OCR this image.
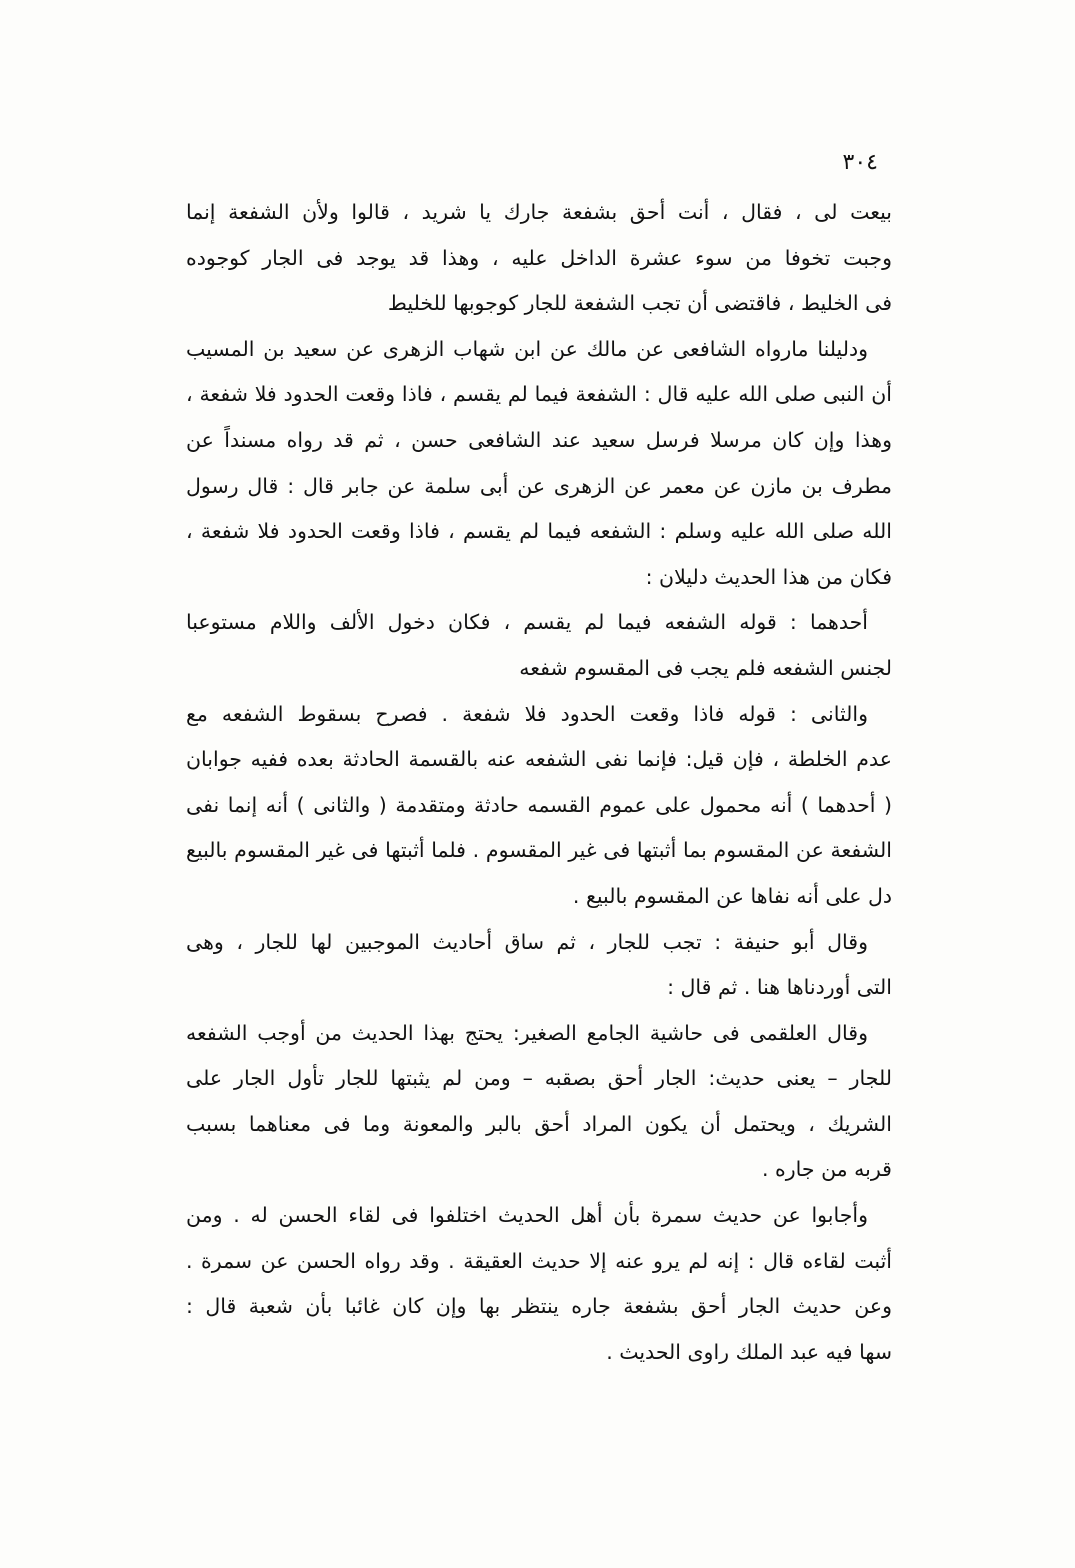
٣٠٤
بيعت لى ، فقال ، أنت أحق بشفعة جارك يا شريد ، قالوا ولأن الشفعة إنما
وجبت تخوفا من سوء عشرة الداخل عليه ، وهذا قد يوجد فى الجار كوجوده
فى الخليط ، فاقتضى أن تجب الشفعة للجار كوجوبها للخليط
ودليلنا مارواه الشافعى عن مالك عن ابن شهاب الزهرى عن سعيد بن المسيب
أن النبى صلى الله عليه قال : الشفعة فيما لم يقسم ، فاذا وقعت الحدود فلا شفعة ،
وهذا وإن كان مرسلا فرسل سعيد عند الشافعى حسن ، ثم قد رواه مسنداً عن
مطرف بن مازن عن معمر عن الزهرى عن أبى سلمة عن جابر قال : قال رسول
الله صلى الله عليه وسلم : الشفعه فيما لم يقسم ، فاذا وقعت الحدود فلا شفعة ،
فكان من هذا الحديث دليلان :
أحدهما : قوله الشفعه فيما لم يقسم ، فكان دخول الألف واللام مستوعبا
لجنس الشفعه فلم يجب فى المقسوم شفعه
والثانى : قوله فاذا وقعت الحدود فلا شفعة . فصرح بسقوط الشفعه مع
عدم الخلطة ، فإن قيل: فإنما نفى الشفعه عنه بالقسمة الحادثة بعده ففيه جوابان
( أحدهما ) أنه محمول على عموم القسمه حادثة ومتقدمة ( والثانى ) أنه إنما نفى
الشفعة عن المقسوم بما أثبتها فى غير المقسوم . فلما أثبتها فى غير المقسوم بالبيع
دل على أنه نفاها عن المقسوم بالبيع .
وقال أبو حنيفة : تجب للجار ، ثم ساق أحاديث الموجبين لها للجار ، وهى
التى أوردناها هنا . ثم قال :
وقال العلقمى فى حاشية الجامع الصغير: يحتج بهذا الحديث من أوجب الشفعه
للجار – يعنى حديث: الجار أحق بصقبه – ومن لم يثبتها للجار تأول الجار على
الشريك ، ويحتمل أن يكون المراد أحق بالبر والمعونة وما فى معناهما بسبب
قربه من جاره .
وأجابوا عن حديث سمرة بأن أهل الحديث اختلفوا فى لقاء الحسن له . ومن
أثبت لقاءه قال : إنه لم يرو عنه إلا حديث العقيقة . وقد رواه الحسن عن سمرة .
وعن حديث الجار أحق بشفعة جاره ينتظر بها وإن كان غائبا بأن شعبة قال :
سها فيه عبد الملك راوى الحديث .
